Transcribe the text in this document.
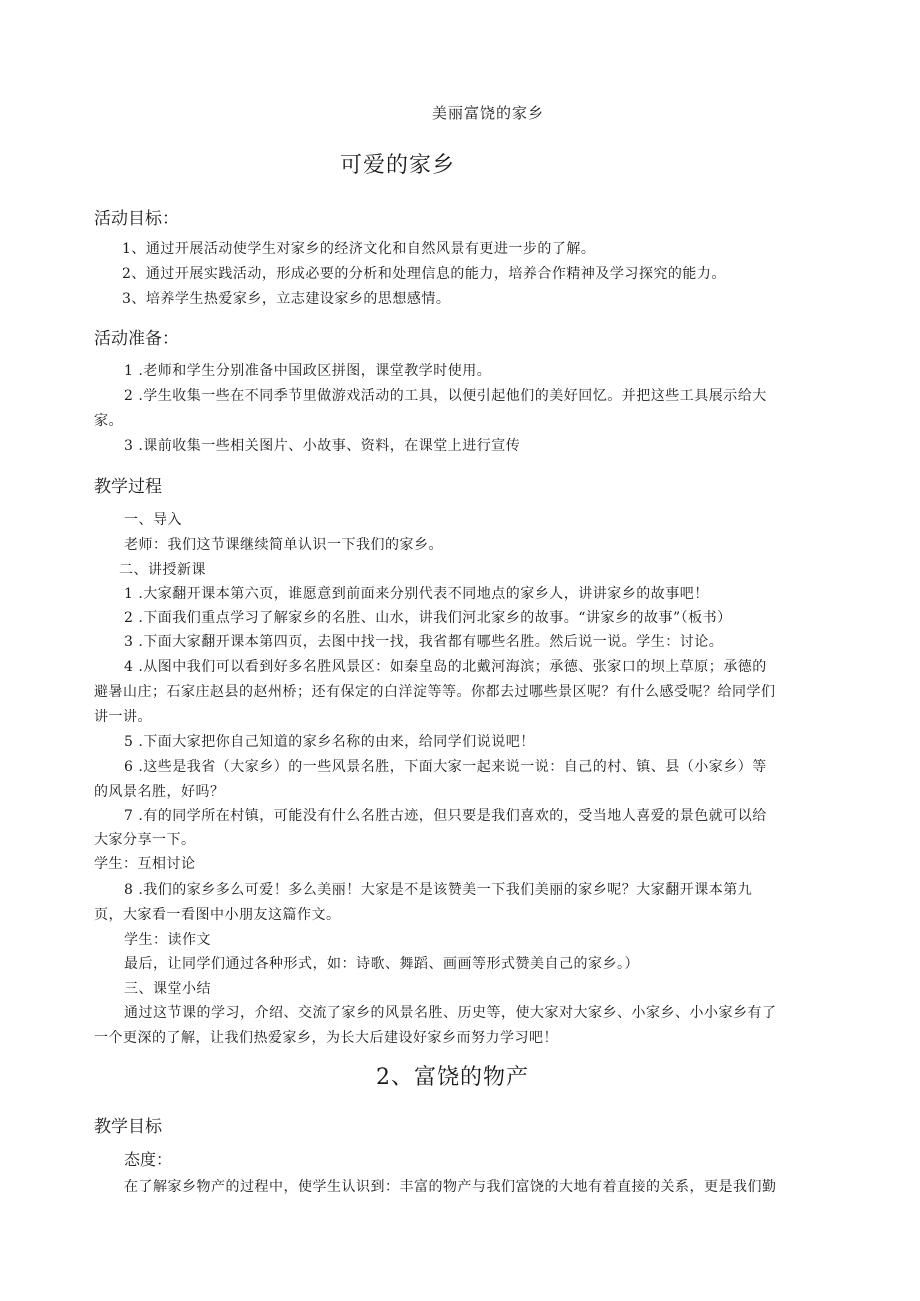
美丽富饶的家乡
可爱的家乡
活动目标：
1、通过开展活动使学生对家乡的经济文化和自然风景有更进一步的了解。
2、通过开展实践活动，形成必要的分析和处理信息的能力，培养合作精神及学习探究的能力。
3、培养学生热爱家乡，立志建设家乡的思想感情。
活动准备：
1 .老师和学生分别准备中国政区拼图，课堂教学时使用。
2 .学生收集一些在不同季节里做游戏活动的工具，以便引起他们的美好回忆。并把这些工具展示给大
家。
3 .课前收集一些相关图片、小故事、资料，在课堂上进行宣传
教学过程
一、导入
老师：我们这节课继续简单认识一下我们的家乡。
二、讲授新课
1 .大家翻开课本第六页，谁愿意到前面来分别代表不同地点的家乡人，讲讲家乡的故事吧！
2 .下面我们重点学习了解家乡的名胜、山水，讲我们河北家乡的故事。“讲家乡的故事”（板书）
3 .下面大家翻开课本第四页，去图中找一找，我省都有哪些名胜。然后说一说。学生：讨论。
4 .从图中我们可以看到好多名胜风景区：如秦皇岛的北戴河海滨；承德、张家口的坝上草原；承德的
避暑山庄；石家庄赵县的赵州桥；还有保定的白洋淀等等。你都去过哪些景区呢？有什么感受呢？给同学们
讲一讲。
5 .下面大家把你自己知道的家乡名称的由来，给同学们说说吧！
6 .这些是我省（大家乡）的一些风景名胜，下面大家一起来说一说：自己的村、镇、县（小家乡）等
的风景名胜，好吗？
7 .有的同学所在村镇，可能没有什么名胜古迹，但只要是我们喜欢的，受当地人喜爱的景色就可以给
大家分享一下。
学生：互相讨论
8 .我们的家乡多么可爱！多么美丽！大家是不是该赞美一下我们美丽的家乡呢？大家翻开课本第九
页，大家看一看图中小朋友这篇作文。
学生：读作文
最后，让同学们通过各种形式，如：诗歌、舞蹈、画画等形式赞美自己的家乡。）
三、课堂小结
通过这节课的学习，介绍、交流了家乡的风景名胜、历史等，使大家对大家乡、小家乡、小小家乡有了
一个更深的了解，让我们热爱家乡，为长大后建设好家乡而努力学习吧！
2、富饶的物产
教学目标
态度：
在了解家乡物产的过程中，使学生认识到：丰富的物产与我们富饶的大地有着直接的关系，更是我们勤
